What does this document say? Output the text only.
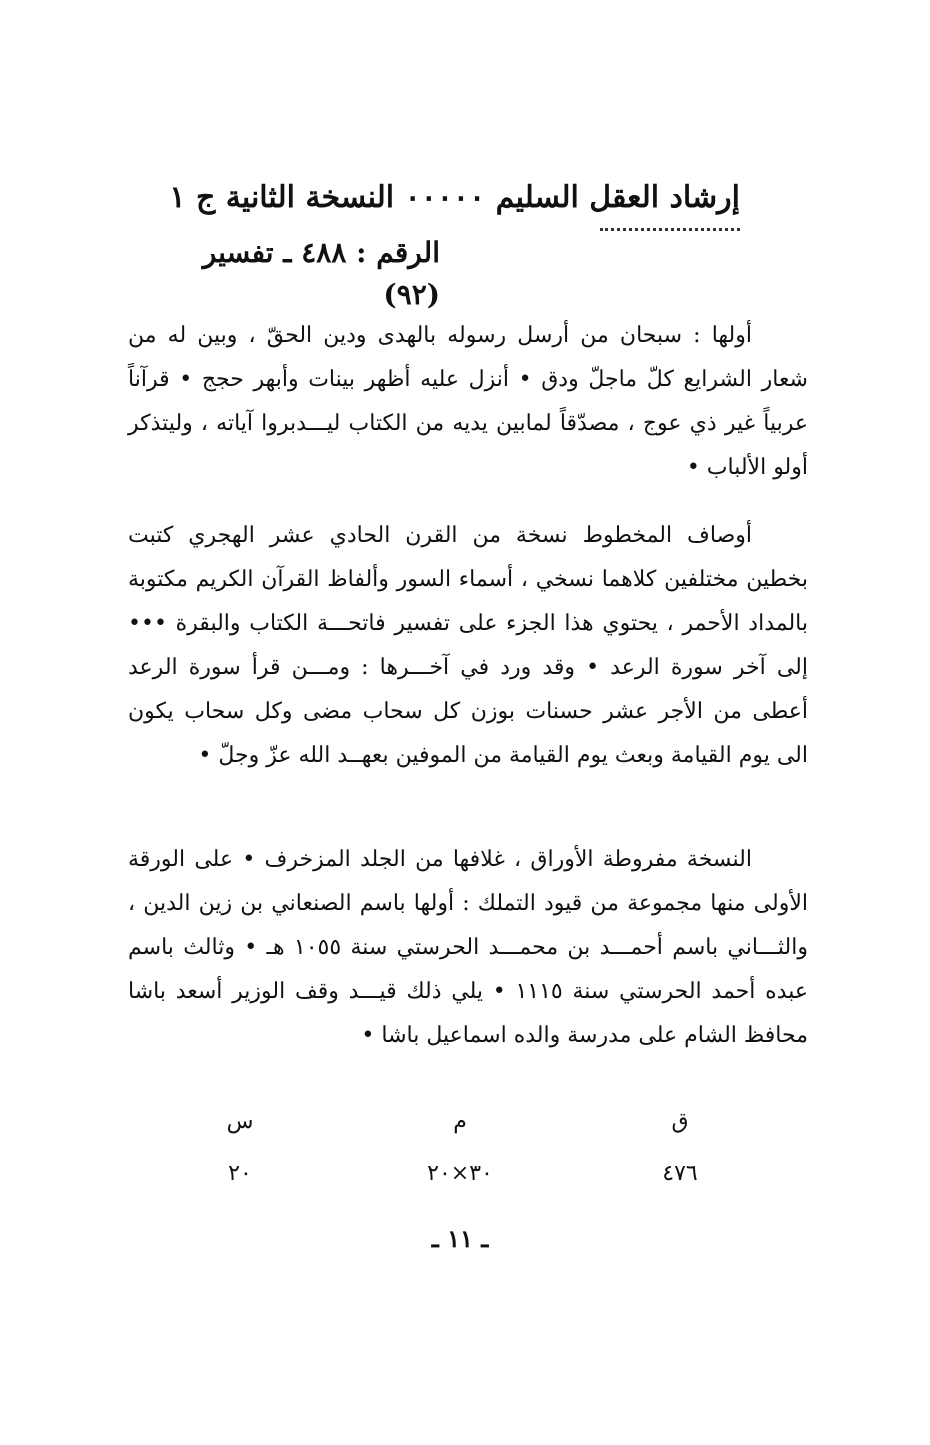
إرشاد العقل السليم ٠٠٠٠٠ النسخة الثانية ج ١
الرقم : ٤٨٨ ـ تفسير (٩٢)

أولها : سبحان من أرسل رسوله بالهدى ودين الحقّ ، وبين له من شعار الشرايع كلّ ماجلّ ودق • أنزل عليه أظهر بينات وأبهر حجج • قرآناً عربياً غير ذي عوج ، مصدّقاً لمابين يديه من الكتاب ليـــدبروا آياته ، وليتذكر أولو الألباب •

أوصاف المخطوط نسخة من القرن الحادي عشر الهجري كتبت بخطين مختلفين كلاهما نسخي ، أسماء السور وألفاظ القرآن الكريم مكتوبة بالمداد الأحمر ، يحتوي هذا الجزء على تفسير فاتحـــة الكتاب والبقرة ••• إلى آخر سورة الرعد • وقد ورد في آخـــرها : ومـــن قرأ سورة الرعد أعطى من الأجر عشر حسنات بوزن كل سحاب مضى وكل سحاب يكون الى يوم القيامة وبعث يوم القيامة من الموفين بعهــد الله عزّ وجلّ •

النسخة مفروطة الأوراق ، غلافها من الجلد المزخرف • على الورقة الأولى منها مجموعة من قيود التملك : أولها باسم الصنعاني بن زين الدين ، والثـــاني باسم أحمـــد بن محمـــد الحرستي سنة ١٠٥٥ هـ • وثالث باسم عبده أحمد الحرستي سنة ١١١٥ • يلي ذلك قيـــد وقف الوزير أسعد باشا محافظ الشام على مدرسة والده اسماعيل باشا •

ق
م
س
٤٧٦
٣٠×٢٠
٢٠
ـ ١١ ـ
